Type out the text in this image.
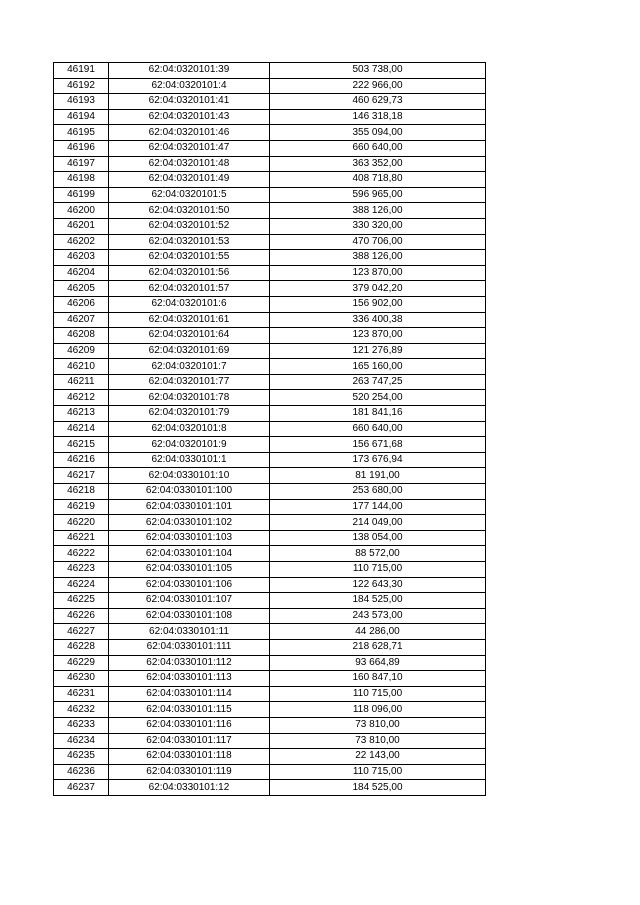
46191	62:04:0320101:39	503 738,00
46192	62:04:0320101:4	222 966,00
46193	62:04:0320101:41	460 629,73
46194	62:04:0320101:43	146 318,18
46195	62:04:0320101:46	355 094,00
46196	62:04:0320101:47	660 640,00
46197	62:04:0320101:48	363 352,00
46198	62:04:0320101:49	408 718,80
46199	62:04:0320101:5	596 965,00
46200	62:04:0320101:50	388 126,00
46201	62:04:0320101:52	330 320,00
46202	62:04:0320101:53	470 706,00
46203	62:04:0320101:55	388 126,00
46204	62:04:0320101:56	123 870,00
46205	62:04:0320101:57	379 042,20
46206	62:04:0320101:6	156 902,00
46207	62:04:0320101:61	336 400,38
46208	62:04:0320101:64	123 870,00
46209	62:04:0320101:69	121 276,89
46210	62:04:0320101:7	165 160,00
46211	62:04:0320101:77	263 747,25
46212	62:04:0320101:78	520 254,00
46213	62:04:0320101:79	181 841,16
46214	62:04:0320101:8	660 640,00
46215	62:04:0320101:9	156 671,68
46216	62:04:0330101:1	173 676,94
46217	62:04:0330101:10	81 191,00
46218	62:04:0330101:100	253 680,00
46219	62:04:0330101:101	177 144,00
46220	62:04:0330101:102	214 049,00
46221	62:04:0330101:103	138 054,00
46222	62:04:0330101:104	88 572,00
46223	62:04:0330101:105	110 715,00
46224	62:04:0330101:106	122 643,30
46225	62:04:0330101:107	184 525,00
46226	62:04:0330101:108	243 573,00
46227	62:04:0330101:11	44 286,00
46228	62:04:0330101:111	218 628,71
46229	62:04:0330101:112	93 664,89
46230	62:04:0330101:113	160 847,10
46231	62:04:0330101:114	110 715,00
46232	62:04:0330101:115	118 096,00
46233	62:04:0330101:116	73 810,00
46234	62:04:0330101:117	73 810,00
46235	62:04:0330101:118	22 143,00
46236	62:04:0330101:119	110 715,00
46237	62:04:0330101:12	184 525,00
